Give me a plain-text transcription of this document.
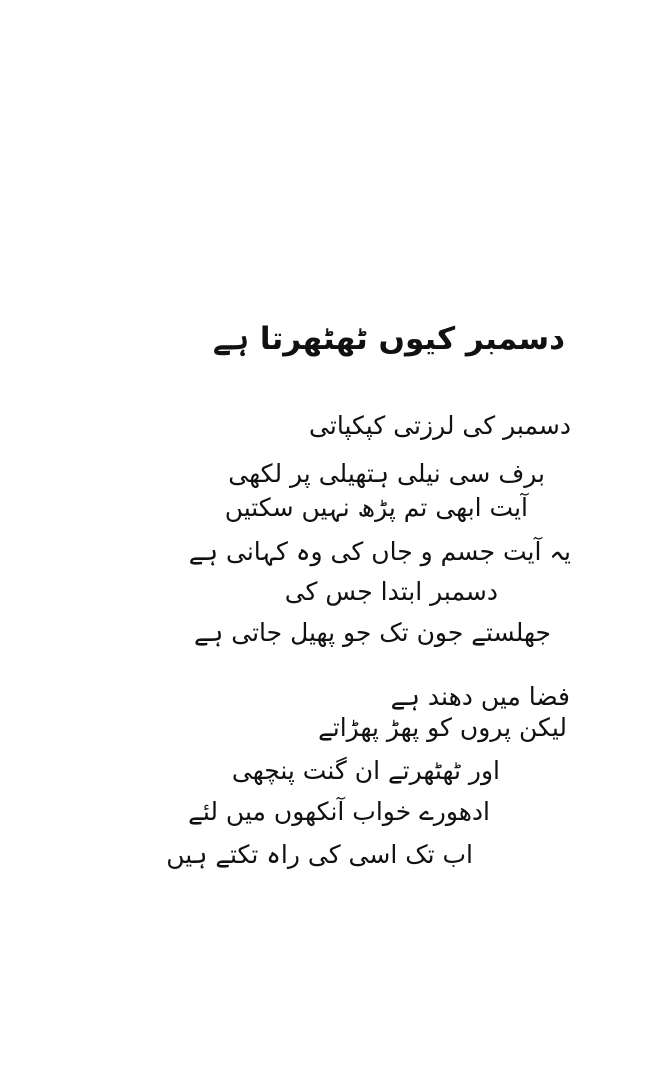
دسمبر کیوں ٹھٹھرتا ہے

دسمبر کی لرزتی کپکپاتی

برف سی نیلی ہتھیلی پر لکھی

آیت ابھی تم پڑھ نہیں سکتیں

یہ آیت جسم و جاں کی وہ کہانی ہے

دسمبر ابتدا جس کی

جھلستے جون تک جو پھیل جاتی ہے

فضا میں دھند ہے

لیکن پروں کو پھڑ پھڑاتے

اور ٹھٹھرتے ان گنت پنچھی

ادھورے خواب آنکھوں میں لئے

اب تک اسی کی راہ تکتے ہیں
